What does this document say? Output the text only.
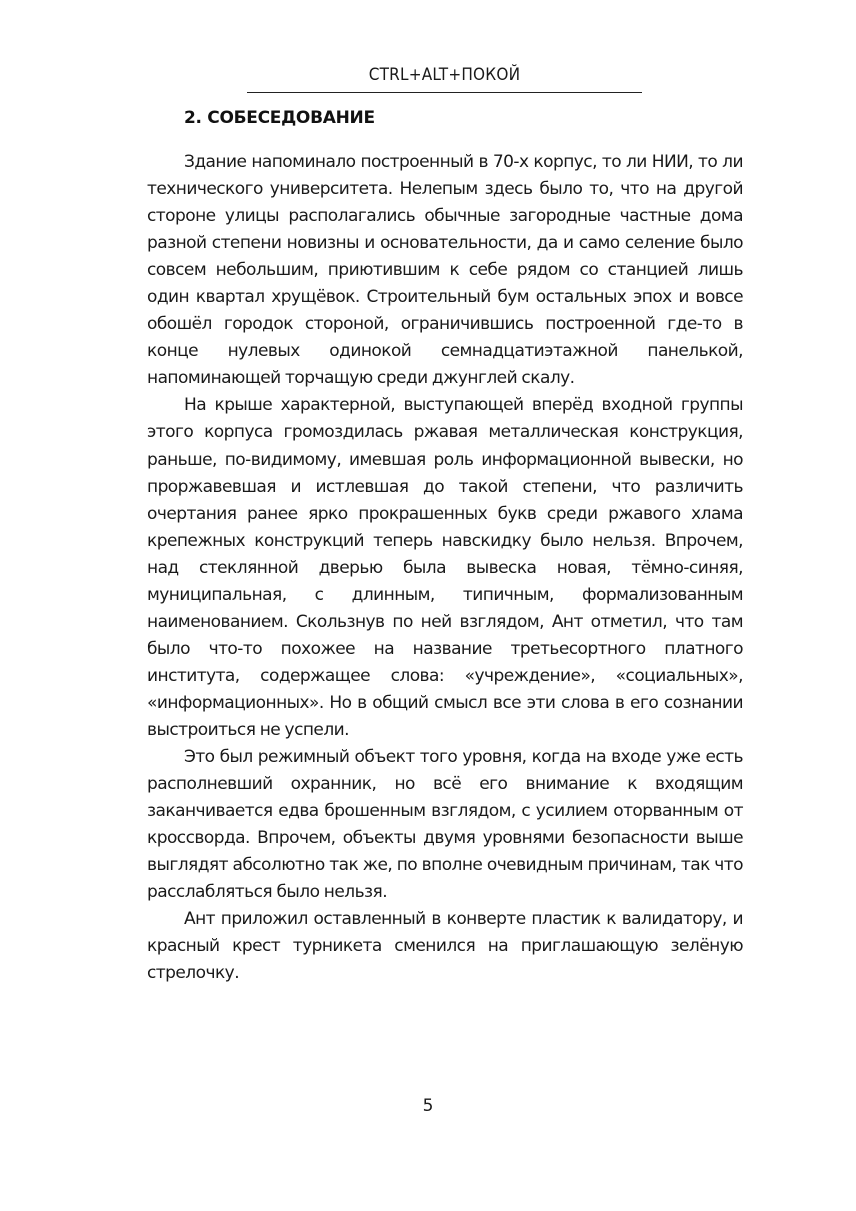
CTRL+ALT+ПОКОЙ
2. СОБЕСЕДОВАНИЕ

Здание напоминало построенный в 70-х корпус, то ли НИИ, то ли технического университета. Нелепым здесь было то, что на другой стороне улицы располагались обычные загородные частные дома разной степени новизны и основательности, да и само селение было совсем небольшим, приютившим к себе рядом со станцией лишь один квартал хрущёвок. Строительный бум остальных эпох и вовсе обошёл городок стороной, ограничившись построенной где-то в конце нулевых одинокой семнадцатиэтажной панелькой, напоминающей торчащую среди джунглей скалу.

На крыше характерной, выступающей вперёд входной группы этого корпуса громоздилась ржавая металлическая конструкция, раньше, по-видимому, имевшая роль информационной вывески, но проржавевшая и истлевшая до такой степени, что различить очертания ранее ярко прокрашенных букв среди ржавого хлама крепежных конструкций теперь навскидку было нельзя. Впрочем, над стеклянной дверью была вывеска новая, тёмно-синяя, муниципальная, с длинным, типичным, формализованным наименованием. Скользнув по ней взглядом, Ант отметил, что там было что-то похожее на название третьесортного платного института, содержащее слова: «учреждение», «социальных», «информационных». Но в общий смысл все эти слова в его сознании выстроиться не успели.

Это был режимный объект того уровня, когда на входе уже есть располневший охранник, но всё его внимание к входящим заканчивается едва брошенным взглядом, с усилием оторванным от кроссворда. Впрочем, объекты двумя уровнями безопасности выше выглядят абсолютно так же, по вполне очевидным причинам, так что расслабляться было нельзя.

Ант приложил оставленный в конверте пластик к валидатору, и красный крест турникета сменился на приглашающую зелёную стрелочку.

5
